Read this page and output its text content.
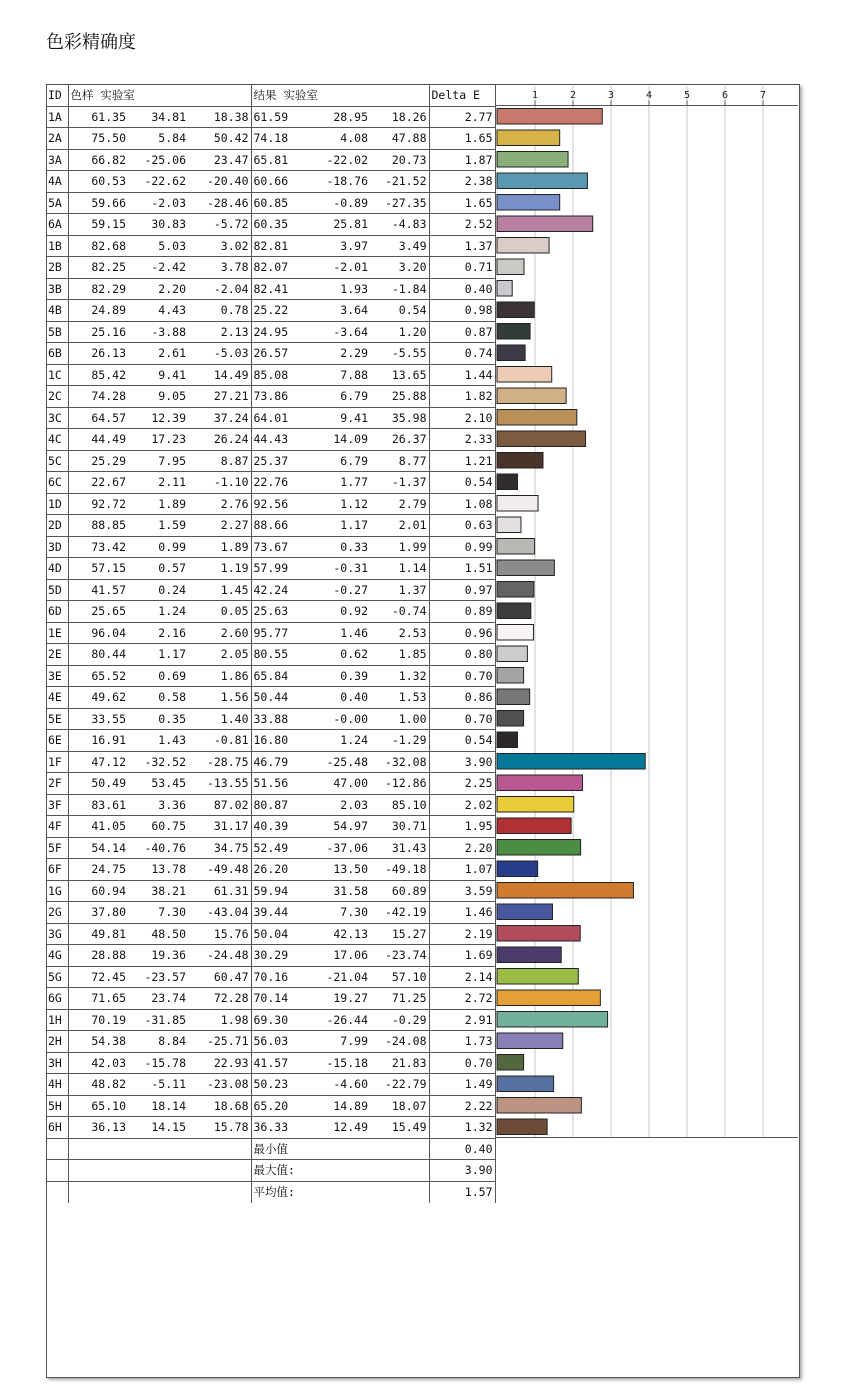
色彩精确度
ID	色样 实验室			结果 实验室			Delta E
1A	61.35	34.81	18.38	61.59	28.95	18.26	2.77
2A	75.50	5.84	50.42	74.18	4.08	47.88	1.65
3A	66.82	-25.06	23.47	65.81	-22.02	20.73	1.87
4A	60.53	-22.62	-20.40	60.66	-18.76	-21.52	2.38
5A	59.66	-2.03	-28.46	60.85	-0.89	-27.35	1.65
6A	59.15	30.83	-5.72	60.35	25.81	-4.83	2.52
1B	82.68	5.03	3.02	82.81	3.97	3.49	1.37
2B	82.25	-2.42	3.78	82.07	-2.01	3.20	0.71
3B	82.29	2.20	-2.04	82.41	1.93	-1.84	0.40
4B	24.89	4.43	0.78	25.22	3.64	0.54	0.98
5B	25.16	-3.88	2.13	24.95	-3.64	1.20	0.87
6B	26.13	2.61	-5.03	26.57	2.29	-5.55	0.74
1C	85.42	9.41	14.49	85.08	7.88	13.65	1.44
2C	74.28	9.05	27.21	73.86	6.79	25.88	1.82
3C	64.57	12.39	37.24	64.01	9.41	35.98	2.10
4C	44.49	17.23	26.24	44.43	14.09	26.37	2.33
5C	25.29	7.95	8.87	25.37	6.79	8.77	1.21
6C	22.67	2.11	-1.10	22.76	1.77	-1.37	0.54
1D	92.72	1.89	2.76	92.56	1.12	2.79	1.08
2D	88.85	1.59	2.27	88.66	1.17	2.01	0.63
3D	73.42	0.99	1.89	73.67	0.33	1.99	0.99
4D	57.15	0.57	1.19	57.99	-0.31	1.14	1.51
5D	41.57	0.24	1.45	42.24	-0.27	1.37	0.97
6D	25.65	1.24	0.05	25.63	0.92	-0.74	0.89
1E	96.04	2.16	2.60	95.77	1.46	2.53	0.96
2E	80.44	1.17	2.05	80.55	0.62	1.85	0.80
3E	65.52	0.69	1.86	65.84	0.39	1.32	0.70
4E	49.62	0.58	1.56	50.44	0.40	1.53	0.86
5E	33.55	0.35	1.40	33.88	-0.00	1.00	0.70
6E	16.91	1.43	-0.81	16.80	1.24	-1.29	0.54
1F	47.12	-32.52	-28.75	46.79	-25.48	-32.08	3.90
2F	50.49	53.45	-13.55	51.56	47.00	-12.86	2.25
3F	83.61	3.36	87.02	80.87	2.03	85.10	2.02
4F	41.05	60.75	31.17	40.39	54.97	30.71	1.95
5F	54.14	-40.76	34.75	52.49	-37.06	31.43	2.20
6F	24.75	13.78	-49.48	26.20	13.50	-49.18	1.07
1G	60.94	38.21	61.31	59.94	31.58	60.89	3.59
2G	37.80	7.30	-43.04	39.44	7.30	-42.19	1.46
3G	49.81	48.50	15.76	50.04	42.13	15.27	2.19
4G	28.88	19.36	-24.48	30.29	17.06	-23.74	1.69
5G	72.45	-23.57	60.47	70.16	-21.04	57.10	2.14
6G	71.65	23.74	72.28	70.14	19.27	71.25	2.72
1H	70.19	-31.85	1.98	69.30	-26.44	-0.29	2.91
2H	54.38	8.84	-25.71	56.03	7.99	-24.08	1.73
3H	42.03	-15.78	22.93	41.57	-15.18	21.83	0.70
4H	48.82	-5.11	-23.08	50.23	-4.60	-22.79	1.49
5H	65.10	18.14	18.68	65.20	14.89	18.07	2.22
6H	36.13	14.15	15.78	36.33	12.49	15.49	1.32
				最小值			0.40
				最大值:			3.90
				平均值:			1.57
1	2	3	4	5	6	7
